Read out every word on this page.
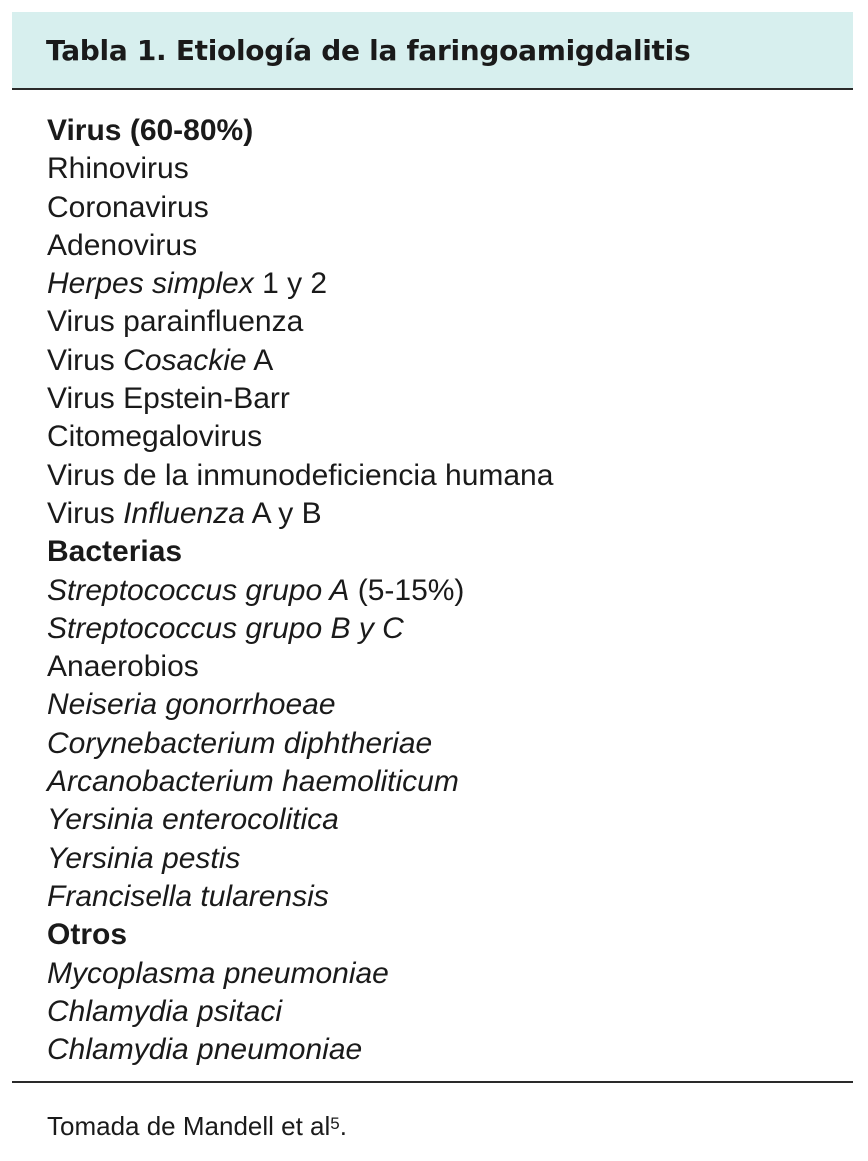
Tabla 1. Etiología de la faringoamigdalitis
Virus (60-80%)
Rhinovirus
Coronavirus
Adenovirus
Herpes simplex 1 y 2
Virus parainfluenza
Virus Cosackie A
Virus Epstein-Barr
Citomegalovirus
Virus de la inmunodeficiencia humana
Virus Influenza A y B
Bacterias
Streptococcus grupo A (5-15%)
Streptococcus grupo B y C
Anaerobios
Neiseria gonorrhoeae
Corynebacterium diphtheriae
Arcanobacterium haemoliticum
Yersinia enterocolitica
Yersinia pestis
Francisella tularensis
Otros
Mycoplasma pneumoniae
Chlamydia psitaci
Chlamydia pneumoniae
Tomada de Mandell et $al^5$.
